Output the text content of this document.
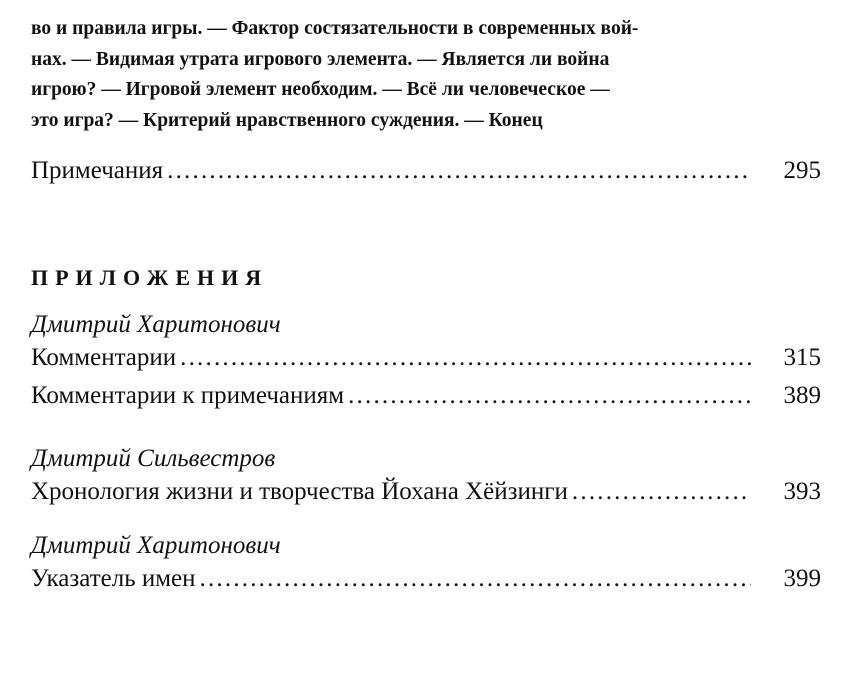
во и правила игры. — Фактор состязательности в современных вой-
нах. — Видимая утрата игрового элемента. — Является ли война
игрою? — Игровой элемент необходим. — Всё ли человеческое —
это игра? — Критерий нравственного суждения. — Конец
Примечания .....	295
ПРИЛОЖЕНИЯ
Дмитрий Харитонович
Комментарии .....	315
Комментарии к примечаниям .....	389
Дмитрий Сильвестров
Хронология жизни и творчества Йохана Хёйзинги .....	393
Дмитрий Харитонович
Указатель имен .....	399
